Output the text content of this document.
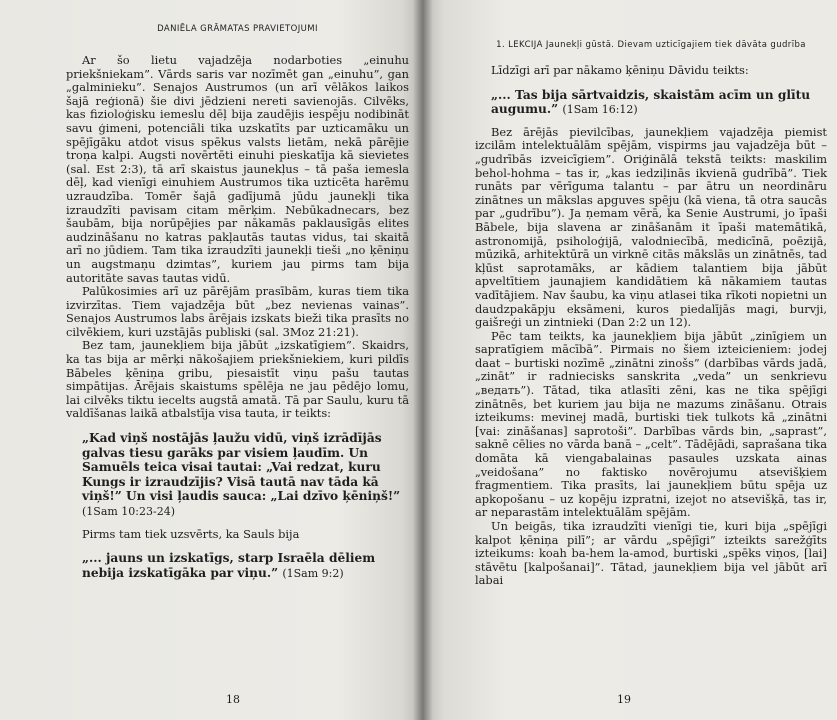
DANIĒLA GRĀMATAS PRAVIETOJUMI

Ar šo lietu vajadzēja nodarboties „einuhu priekšniekam”. Vārds saris var nozīmēt gan „einuhu”, gan „galminieku”. Senajos Austrumos (un arī vēlākos laikos šajā reģionā) šie divi jēdzieni nereti savienojās. Cilvēks, kas fizioloģisku iemeslu dēļ bija zaudējis iespēju nodibināt savu ģimeni, potenciāli tika uzskatīts par uzticamāku un spējīgāku atdot visus spēkus valsts lietām, nekā pārējie troņa kalpi. Augsti novērtēti einuhi pieskatīja kā sievietes (sal. Est 2:3), tā arī skaistus jaunekļus – tā paša iemesla dēļ, kad vienīgi einuhiem Austrumos tika uzticēta harēmu uzraudzība. Tomēr šajā gadījumā jūdu jaunekļi tika izraudzīti pavisam citam mērķim. Nebūkadnecars, bez šaubām, bija norūpējies par nākamās paklausīgās elites audzināšanu no katras pakļautās tautas vidus, tai skaitā arī no jūdiem. Tam tika izraudzīti jaunekļi tieši „no ķēniņu un augstmaņu dzimtas”, kuriem jau pirms tam bija autoritāte savas tautas vidū.

Palūkosimies arī uz pārējām prasībām, kuras tiem tika izvirzītas. Tiem vajadzēja būt „bez nevienas vainas”. Senajos Austrumos labs ārējais izskats bieži tika prasīts no cilvēkiem, kuri uzstājās publiski (sal. 3Moz 21:21).

Bez tam, jaunekļiem bija jābūt „izskatīgiem”. Skaidrs, ka tas bija ar mērķi nākošajiem priekšniekiem, kuri pildīs Bābeles ķēniņa gribu, piesaistīt viņu pašu tautas simpātijas. Ārējais skaistums spēlēja ne jau pēdējo lomu, lai cilvēks tiktu iecelts augstā amatā. Tā par Saulu, kuru tā valdīšanas laikā atbalstīja visa tauta, ir teikts:

„Kad viņš nostājās ļaužu vidū, viņš izrādījās galvas tiesu garāks par visiem ļaudīm. Un Samuēls teica visai tautai: „Vai redzat, kuru Kungs ir izraudzījis? Visā tautā nav tāda kā viņš!” Un visi ļaudis sauca: „Lai dzīvo ķēniņš!” (1Sam 10:23-24)

Pirms tam tiek uzsvērts, ka Sauls bija

„... jauns un izskatīgs, starp Israēla dēliem nebija izskatīgāka par viņu.” (1Sam 9:2)
18
1. LEKCIJA Jaunekļi gūstā. Dievam uzticīgajiem tiek dāvāta gudrība

Līdzīgi arī par nākamo ķēniņu Dāvidu teikts:

„... Tas bija sārtvaidzis, skaistām acīm un glītu augumu.” (1Sam 16:12)

Bez ārējās pievilcības, jaunekļiem vajadzēja piemist izcilām intelektuālām spējām, vispirms jau vajadzēja būt – „gudrībās izveicīgiem”. Oriģinālā tekstā teikts: maskilim behol-hohma – tas ir, „kas iedziļinās ikvienā gudrībā”. Tiek runāts par vērīguma talantu – par ātru un neordināru zinātnes un mākslas apguves spēju (kā viena, tā otra saucās par „gudrību”). Ja ņemam vērā, ka Senie Austrumi, jo īpaši Bābele, bija slavena ar zināšanām it īpaši matemātikā, astronomijā, psiholoģijā, valodniecībā, medicīnā, poēzijā, mūzikā, arhitektūrā un virknē citās mākslās un zinātnēs, tad kļūst saprotamāks, ar kādiem talantiem bija jābūt apveltītiem jaunajiem kandidātiem kā nākamiem tautas vadītājiem. Nav šaubu, ka viņu atlasei tika rīkoti nopietni un daudzpakāpju eksāmeni, kuros piedalījās magi, burvji, gaišreģi un zintnieki (Dan 2:2 un 12).

Pēc tam teikts, ka jaunekļiem bija jābūt „zinīgiem un sapratīgiem mācībā”. Pirmais no šiem izteicieniem: jodej daat – burtiski nozīmē „zinātni zinošs” (darbības vārds jadā, „zināt” ir radniecisks sanskrita „veda” un senkrievu „ведать”). Tātad, tika atlasīti zēni, kas ne tika spējīgi zinātnēs, bet kuriem jau bija ne mazums zināšanu. Otrais izteikums: mevinej madā, burtiski tiek tulkots kā „zinātni [vai: zināšanas] saprotoši”. Darbības vārds bin, „saprast”, saknē cēlies no vārda banā – „celt”. Tādējādi, saprašana tika domāta kā viengabalainas pasaules uzskata ainas „veidošana” no faktisko novērojumu atsevišķiem fragmentiem. Tika prasīts, lai jaunekļiem būtu spēja uz apkopošanu – uz kopēju izpratni, izejot no atsevišķā, tas ir, ar neparastām intelektuālām spējām.

Un beigās, tika izraudzīti vienīgi tie, kuri bija „spējīgi kalpot ķēniņa pilī”; ar vārdu „spējīgi” izteikts sarežģīts izteikums: koah ba-hem la-amod, burtiski „spēks viņos, [lai] stāvētu [kalpošanai]”. Tātad, jaunekļiem bija vel jābūt arī labai

19
